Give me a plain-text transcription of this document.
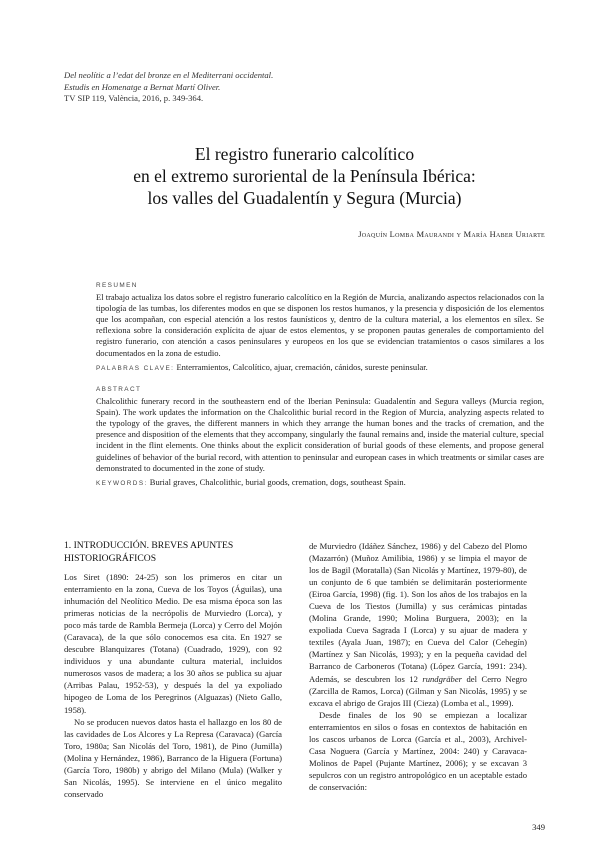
Del neolític a l’edat del bronze en el Mediterrani occidental.
Estudis en Homenatge a Bernat Martí Oliver.
TV SIP 119, València, 2016, p. 349-364.
El registro funerario calcolítico
en el extremo suroriental de la Península Ibérica:
los valles del Guadalentín y Segura (Murcia)
Joaquín Lomba Maurandi y María Haber Uriarte
RESUMEN
El trabajo actualiza los datos sobre el registro funerario calcolítico en la Región de Murcia, analizando aspectos relacionados con la tipología de las tumbas, los diferentes modos en que se disponen los restos humanos, y la presencia y disposición de los elementos que los acompañan, con especial atención a los restos faunísticos y, dentro de la cultura material, a los elementos en sílex. Se reflexiona sobre la consideración explícita de ajuar de estos elementos, y se proponen pautas generales de comportamiento del registro funerario, con atención a casos peninsulares y europeos en los que se evidencian tratamientos o casos similares a los documentados en la zona de estudio.
PALABRAS CLAVE: Enterramientos, Calcolítico, ajuar, cremación, cánidos, sureste peninsular.
ABSTRACT
Chalcolithic funerary record in the southeastern end of the Iberian Peninsula: Guadalentín and Segura valleys (Murcia region, Spain). The work updates the information on the Chalcolithic burial record in the Region of Murcia, analyzing aspects related to the typology of the graves, the different manners in which they arrange the human bones and the tracks of cremation, and the presence and disposition of the elements that they accompany, singularly the faunal remains and, inside the material culture, special incident in the flint elements. One thinks about the explicit consideration of burial goods of these elements, and propose general guidelines of behavior of the burial record, with attention to peninsular and european cases in which treatments or similar cases are demonstrated to documented in the zone of study.
KEYWORDS: Burial graves, Chalcolithic, burial goods, cremation, dogs, southeast Spain.
1. INTRODUCCIÓN. BREVES APUNTES HISTORIOGRÁFICOS

Los Siret (1890: 24-25) son los primeros en citar un enterramiento en la zona, Cueva de los Toyos (Águilas), una inhumación del Neolítico Medio. De esa misma época son las primeras noticias de la necrópolis de Murviedro (Lorca), y poco más tarde de Rambla Bermeja (Lorca) y Cerro del Mojón (Caravaca), de la que sólo conocemos esa cita. En 1927 se descubre Blanquizares (Totana) (Cuadrado, 1929), con 92 individuos y una abundante cultura material, incluidos numerosos vasos de madera; a los 30 años se publica su ajuar (Arribas Palau, 1952-53), y después la del ya expoliado hipogeo de Loma de los Peregrinos (Alguazas) (Nieto Gallo, 1958).

No se producen nuevos datos hasta el hallazgo en los 80 de las cavidades de Los Alcores y La Represa (Caravaca) (García Toro, 1980a; San Nicolás del Toro, 1981), de Pino (Jumilla) (Molina y Hernández, 1986), Barranco de la Higuera (Fortuna) (García Toro, 1980b) y abrigo del Milano (Mula) (Walker y San Nicolás, 1995). Se interviene en el único megalito conservado

de Murviedro (Idáñez Sánchez, 1986) y del Cabezo del Plomo (Mazarrón) (Muñoz Amilibia, 1986) y se limpia el mayor de los de Bagil (Moratalla) (San Nicolás y Martínez, 1979-80), de un conjunto de 6 que también se delimitarán posteriormente (Eiroa García, 1998) (fig. 1). Son los años de los trabajos en la Cueva de los Tiestos (Jumilla) y sus cerámicas pintadas (Molina Grande, 1990; Molina Burguera, 2003); en la expoliada Cueva Sagrada I (Lorca) y su ajuar de madera y textiles (Ayala Juan, 1987); en Cueva del Calor (Cehegín) (Martínez y San Nicolás, 1993); y en la pequeña cavidad del Barranco de Carboneros (Totana) (López García, 1991: 234). Además, se descubren los 12 rundgräber del Cerro Negro (Zarcilla de Ramos, Lorca) (Gilman y San Nicolás, 1995) y se excava el abrigo de Grajos III (Cieza) (Lomba et al., 1999).

Desde finales de los 90 se empiezan a localizar enterramientos en silos o fosas en contextos de habitación en los cascos urbanos de Lorca (García et al., 2003), Archivel-Casa Noguera (García y Martínez, 2004: 240) y Caravaca-Molinos de Papel (Pujante Martínez, 2006); y se excavan 3 sepulcros con un registro antropológico en un aceptable estado de conservación:

349
